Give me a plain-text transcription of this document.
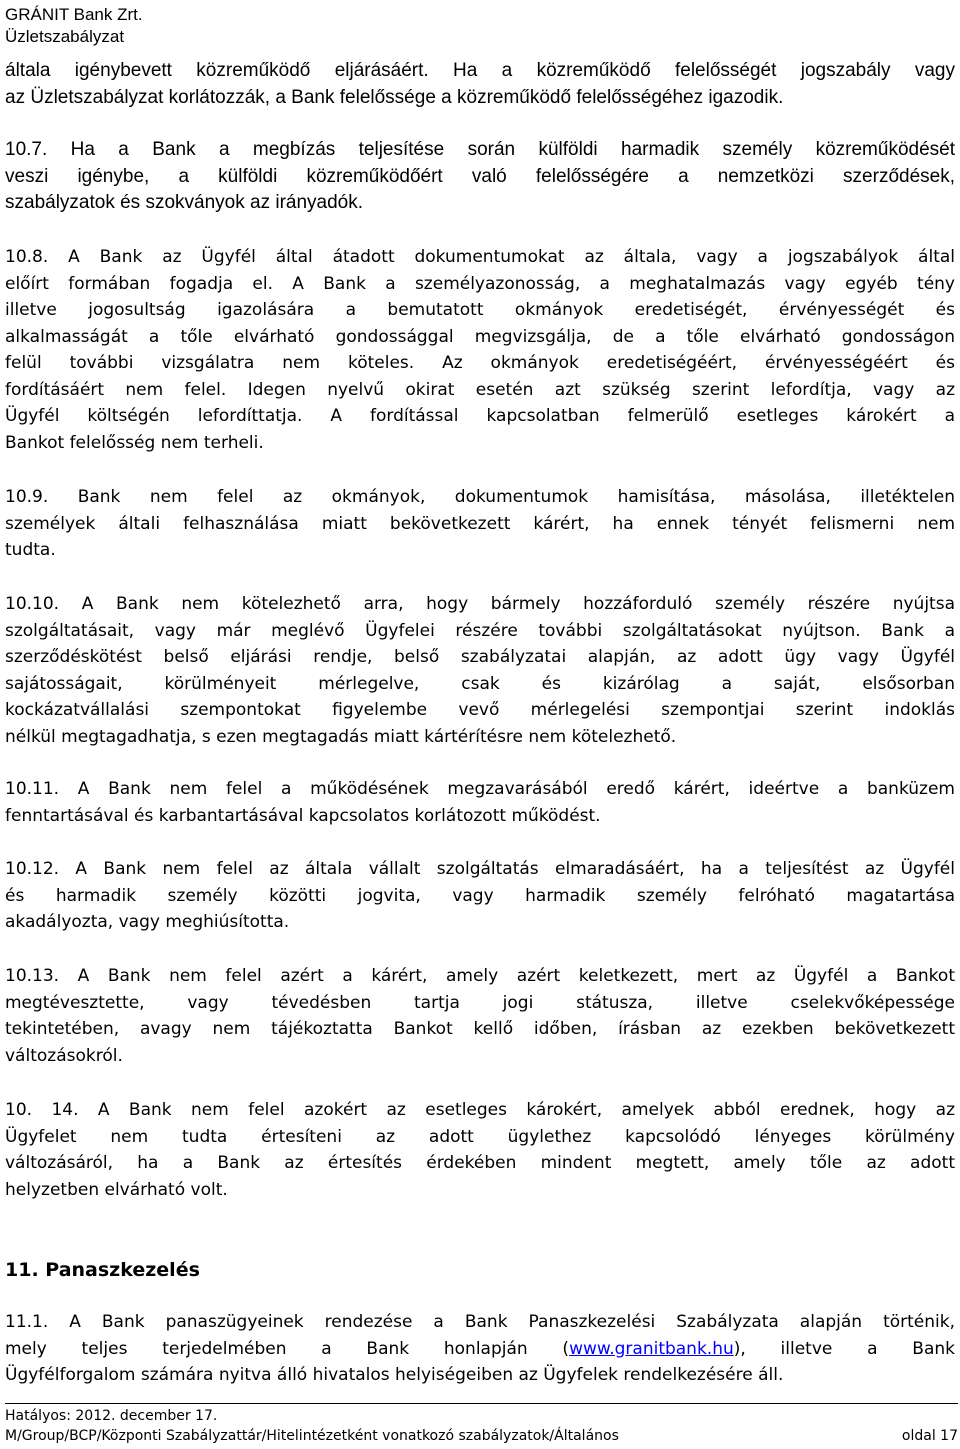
GRÁNIT Bank Zrt.
Üzletszabályzat
általa igénybevett közreműködő eljárásáért. Ha a közreműködő felelősségét jogszabály vagy
az Üzletszabályzat korlátozzák, a Bank felelőssége a közreműködő felelősségéhez igazodik.
10.7. Ha a Bank a megbízás teljesítése során külföldi harmadik személy közreműködését
veszi igénybe, a külföldi közreműködőért való felelősségére a nemzetközi szerződések,
szabályzatok és szokványok az irányadók.
10.8. A Bank az Ügyfél által átadott dokumentumokat az általa, vagy a jogszabályok által
előírt formában fogadja el. A Bank a személyazonosság, a meghatalmazás vagy egyéb tény
illetve jogosultság igazolására a bemutatott okmányok eredetiségét, érvényességét és
alkalmasságát a tőle elvárható gondossággal megvizsgálja, de a tőle elvárható gondosságon
felül további vizsgálatra nem köteles. Az okmányok eredetiségéért, érvényességéért és
fordításáért nem felel. Idegen nyelvű okirat esetén azt szükség szerint lefordítja, vagy az
Ügyfél költségén lefordíttatja. A fordítással kapcsolatban felmerülő esetleges károkért a
Bankot felelősség nem terheli.
10.9. Bank nem felel az okmányok, dokumentumok hamisítása, másolása, illetéktelen
személyek általi felhasználása miatt bekövetkezett kárért, ha ennek tényét felismerni nem
tudta.
10.10. A Bank nem kötelezhető arra, hogy bármely hozzáforduló személy részére nyújtsa
szolgáltatásait, vagy már meglévő Ügyfelei részére további szolgáltatásokat nyújtson. Bank a
szerződéskötést belső eljárási rendje, belső szabályzatai alapján, az adott ügy vagy Ügyfél
sajátosságait, körülményeit mérlegelve, csak és kizárólag a saját, elsősorban
kockázatvállalási szempontokat figyelembe vevő mérlegelési szempontjai szerint indoklás
nélkül megtagadhatja, s ezen megtagadás miatt kártérítésre nem kötelezhető.
10.11. A Bank nem felel a működésének megzavarásából eredő kárért, ideértve a banküzem
fenntartásával és karbantartásával kapcsolatos korlátozott működést.
10.12. A Bank nem felel az általa vállalt szolgáltatás elmaradásáért, ha a teljesítést az Ügyfél
és harmadik személy közötti jogvita, vagy harmadik személy felróható magatartása
akadályozta, vagy meghiúsította.
10.13. A Bank nem felel azért a kárért, amely azért keletkezett, mert az Ügyfél a Bankot
megtévesztette, vagy tévedésben tartja jogi státusza, illetve cselekvőképessége
tekintetében, avagy nem tájékoztatta Bankot kellő időben, írásban az ezekben bekövetkezett
változásokról.
10. 14. A Bank nem felel azokért az esetleges károkért, amelyek abból erednek, hogy az
Ügyfelet nem tudta értesíteni az adott ügylethez kapcsolódó lényeges körülmény
változásáról, ha a Bank az értesítés érdekében mindent megtett, amely tőle az adott
helyzetben elvárható volt.
11.1. A Bank panaszügyeinek rendezése a Bank Panaszkezelési Szabályzata alapján történik,
mely teljes terjedelmében a Bank honlapján (www.granitbank.hu), illetve a Bank
Ügyfélforgalom számára nyitva álló hivatalos helyiségeiben az Ügyfelek rendelkezésére áll.
11. Panaszkezelés
Hatályos: 2012. december 17.
M/Group/BCP/Központi Szabályzattár/Hitelintézetként vonatkozó szabályzatok/Általános	oldal 17
